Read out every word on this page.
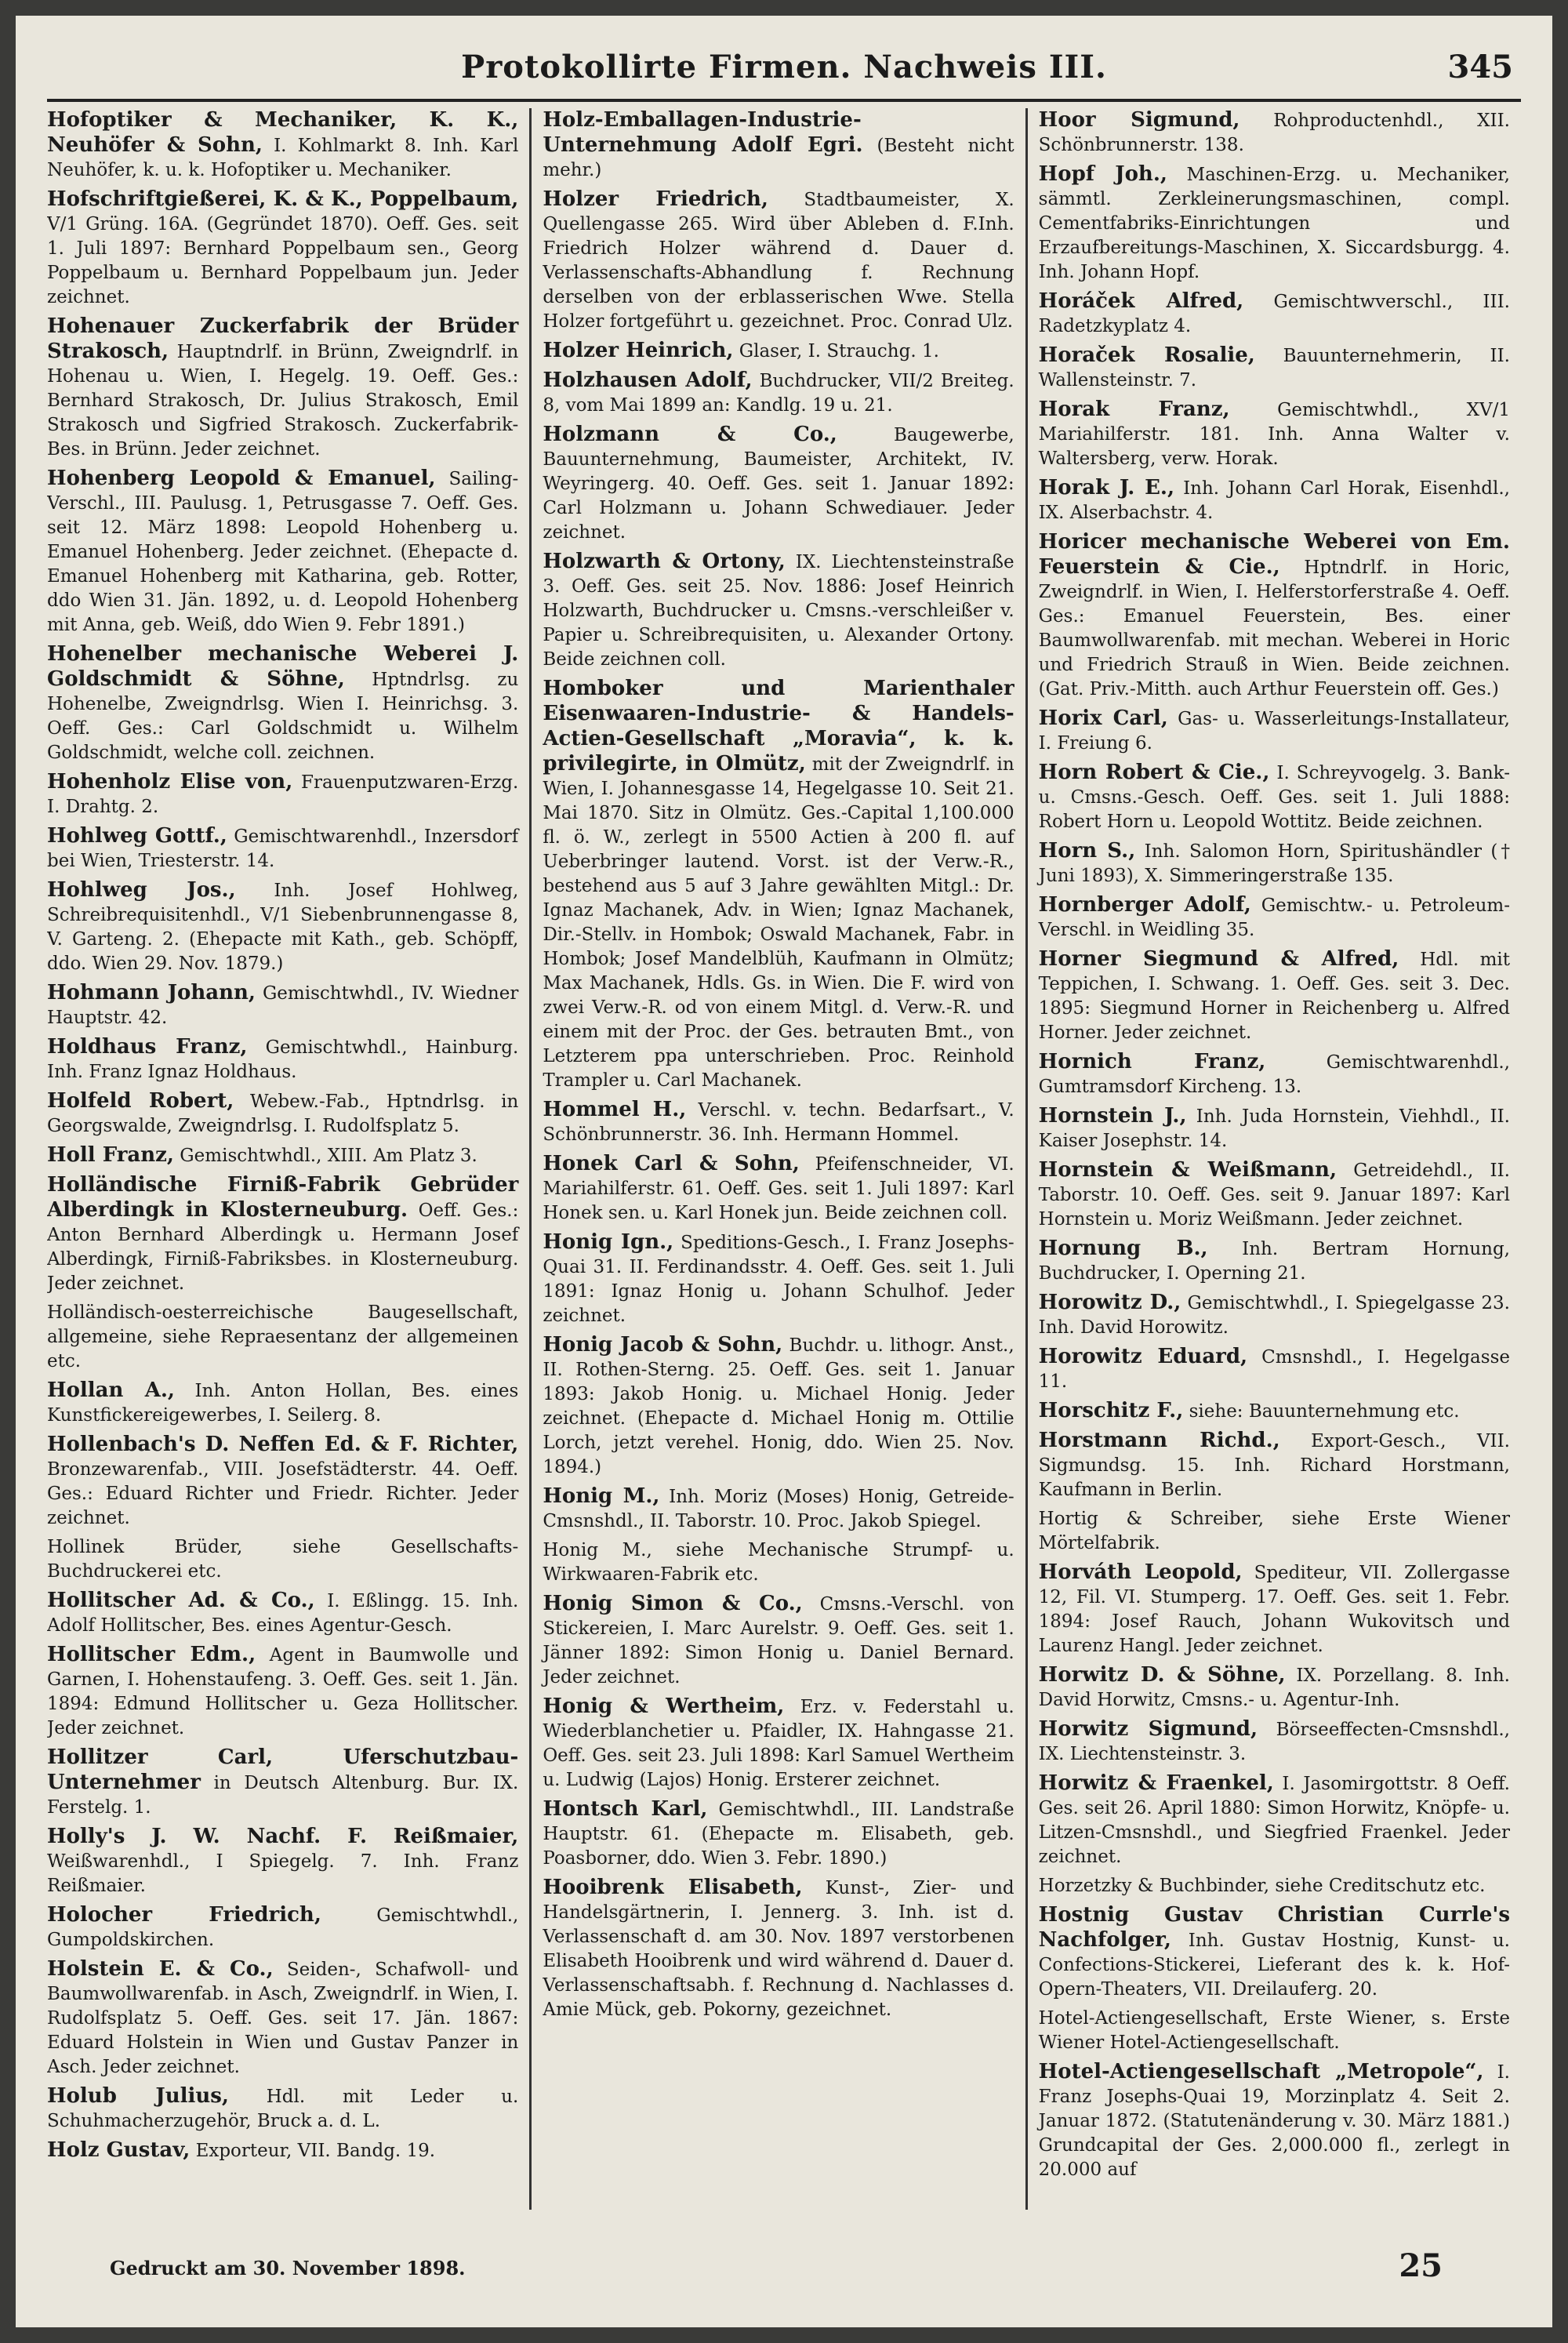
Protokollirte Firmen. Nachweis III.	345

Hofoptiker & Mechaniker, K. K., Neuhöfer & Sohn, I. Kohlmarkt 8. Inh. Karl Neuhöfer, k. u. k. Hofoptiker u. Mechaniker.

Hofschriftgießerei, K. & K., Poppelbaum, V/1 Grüng. 16A. (Gegründet 1870). Oeff. Ges. seit 1. Juli 1897: Bernhard Poppelbaum sen., Georg Poppelbaum u. Bernhard Poppelbaum jun. Jeder zeichnet.

Hohenauer Zuckerfabrik der Brüder Strakosch, Hauptndrlf. in Brünn, Zweigndrlf. in Hohenau u. Wien, I. Hegelg. 19. Oeff. Ges.: Bernhard Strakosch, Dr. Julius Strakosch, Emil Strakosch und Sigfried Strakosch. Zuckerfabrik-Bes. in Brünn. Jeder zeichnet.

Hohenberg Leopold & Emanuel, Sailing-Verschl., III. Paulusg. 1, Petrusgasse 7. Oeff. Ges. seit 12. März 1898: Leopold Hohenberg u. Emanuel Hohenberg. Jeder zeichnet. (Ehepacte d. Emanuel Hohenberg mit Katharina, geb. Rotter, ddo Wien 31. Jän. 1892, u. d. Leopold Hohenberg mit Anna, geb. Weiß, ddo Wien 9. Febr 1891.)

Hohenelber mechanische Weberei J. Goldschmidt & Söhne, Hptndrlsg. zu Hohenelbe, Zweigndrlsg. Wien I. Heinrichsg. 3. Oeff. Ges.: Carl Goldschmidt u. Wilhelm Goldschmidt, welche coll. zeichnen.

Hohenholz Elise von, Frauenputzwaren-Erzg. I. Drahtg. 2.

Hohlweg Gottf., Gemischtwarenhdl., Inzersdorf bei Wien, Triesterstr. 14.

Hohlweg Jos., Inh. Josef Hohlweg, Schreibrequisitenhdl., V/1 Siebenbrunnengasse 8, V. Garteng. 2. (Ehepacte mit Kath., geb. Schöpff, ddo. Wien 29. Nov. 1879.)

Hohmann Johann, Gemischtwhdl., IV. Wiedner Hauptstr. 42.

Holdhaus Franz, Gemischtwhdl., Hainburg. Inh. Franz Ignaz Holdhaus.

Holfeld Robert, Webew.-Fab., Hptndrlsg. in Georgswalde, Zweigndrlsg. I. Rudolfsplatz 5.

Holl Franz, Gemischtwhdl., XIII. Am Platz 3.

Holländische Firniß-Fabrik Gebrüder Alberdingk in Klosterneuburg. Oeff. Ges.: Anton Bernhard Alberdingk u. Hermann Josef Alberdingk, Firniß-Fabriksbes. in Klosterneuburg. Jeder zeichnet.

Holländisch-oesterreichische Baugesellschaft, allgemeine, siehe Repraesentanz der allgemeinen etc.

Hollan A., Inh. Anton Hollan, Bes. eines Kunstfickereigewerbes, I. Seilerg. 8.

Hollenbach's D. Neffen Ed. & F. Richter, Bronzewarenfab., VIII. Josefstädterstr. 44. Oeff. Ges.: Eduard Richter und Friedr. Richter. Jeder zeichnet.

Hollinek Brüder, siehe Gesellschafts-Buchdruckerei etc.

Hollitscher Ad. & Co., I. Eßlingg. 15. Inh. Adolf Hollitscher, Bes. eines Agentur-Gesch.

Hollitscher Edm., Agent in Baumwolle und Garnen, I. Hohenstaufeng. 3. Oeff. Ges. seit 1. Jän. 1894: Edmund Hollitscher u. Geza Hollitscher. Jeder zeichnet.

Hollitzer Carl, Uferschutzbau-Unternehmer in Deutsch Altenburg. Bur. IX. Ferstelg. 1.

Holly's J. W. Nachf. F. Reißmaier, Weißwarenhdl., I Spiegelg. 7. Inh. Franz Reißmaier.

Holocher Friedrich,	Gemischtwhdl., Gumpoldskirchen.

Holstein E. & Co., Seiden-, Schafwoll- und Baumwollwarenfab. in Asch, Zweigndrlf. in Wien, I. Rudolfsplatz 5. Oeff. Ges. seit 17. Jän. 1867: Eduard Holstein in Wien und Gustav Panzer in Asch. Jeder zeichnet.

Holub Julius, Hdl. mit Leder u. Schuhmacherzugehör, Bruck a. d. L.

Holz Gustav, Exporteur, VII. Bandg. 19.

Holz-Emballagen-Industrie-Unternehmung Adolf Egri. (Besteht nicht mehr.)

Holzer Friedrich, Stadtbaumeister, X. Quellengasse 265. Wird über Ableben d. F.Inh. Friedrich Holzer während d. Dauer d. Verlassenschafts-Abhandlung f. Rechnung derselben von der erblasserischen Wwe. Stella Holzer fortgeführt u. gezeichnet. Proc. Conrad Ulz.

Holzer Heinrich, Glaser, I. Strauchg. 1.

Holzhausen Adolf, Buchdrucker, VII/2 Breiteg. 8, vom Mai 1899 an: Kandlg. 19 u. 21.

Holzmann & Co.,	Baugewerbe, Bauunternehmung, Baumeister, Architekt, IV. Weyringerg. 40. Oeff. Ges. seit 1. Januar 1892: Carl Holzmann u. Johann Schwediauer. Jeder zeichnet.

Holzwarth & Ortony, IX. Liechtensteinstraße 3. Oeff. Ges. seit 25. Nov. 1886: Josef Heinrich Holzwarth, Buchdrucker u. Cmsns.-verschleißer v. Papier u. Schreibrequisiten, u. Alexander Ortony. Beide zeichnen coll.

Homboker und Marienthaler Eisenwaaren-Industrie- & Handels-Actien-Gesellschaft „Moravia“, k. k. privilegirte, in Olmütz, mit der Zweigndrlf. in Wien, I. Johannesgasse 14, Hegelgasse 10. Seit 21. Mai 1870. Sitz in Olmütz. Ges.-Capital 1,100.000 fl. ö. W., zerlegt in 5500 Actien à 200 fl. auf Ueberbringer lautend. Vorst. ist der Verw.-R., bestehend aus 5 auf 3 Jahre gewählten Mitgl.: Dr. Ignaz Machanek, Adv. in Wien; Ignaz Machanek, Dir.-Stellv. in Hombok; Oswald Machanek, Fabr. in Hombok; Josef Mandelblüh, Kaufmann in Olmütz; Max Machanek, Hdls. Gs. in Wien. Die F. wird von zwei Verw.-R. od von einem Mitgl. d. Verw.-R. und einem mit der Proc. der Ges. betrauten Bmt., von Letzterem ppa unterschrieben. Proc. Reinhold Trampler u. Carl Machanek.

Hommel H., Verschl. v. techn. Bedarfsart., V. Schönbrunnerstr. 36. Inh. Hermann Hommel.

Honek Carl & Sohn, Pfeifenschneider, VI. Mariahilferstr. 61. Oeff. Ges. seit 1. Juli 1897: Karl Honek sen. u. Karl Honek jun. Beide zeichnen coll.

Honig Ign., Speditions-Gesch., I. Franz Josephs-Quai 31. II. Ferdinandsstr. 4. Oeff. Ges. seit 1. Juli 1891: Ignaz Honig u. Johann Schulhof. Jeder zeichnet.

Honig Jacob & Sohn, Buchdr. u. lithogr. Anst., II. Rothen-Sterng. 25. Oeff. Ges. seit 1. Januar 1893: Jakob Honig. u. Michael Honig. Jeder zeichnet. (Ehepacte d. Michael Honig m. Ottilie Lorch, jetzt verehel. Honig, ddo. Wien 25. Nov. 1894.)

Honig M., Inh. Moriz (Moses) Honig, Getreide-Cmsnshdl., II. Taborstr. 10. Proc. Jakob Spiegel.

Honig M., siehe Mechanische Strumpf- u. Wirkwaaren-Fabrik etc.

Honig Simon & Co., Cmsns.-Verschl. von Stickereien, I. Marc Aurelstr. 9. Oeff. Ges. seit 1. Jänner 1892: Simon Honig u. Daniel Bernard. Jeder zeichnet.

Honig & Wertheim, Erz. v. Federstahl u. Wiederblanchetier u. Pfaidler, IX. Hahngasse 21. Oeff. Ges. seit 23. Juli 1898: Karl Samuel Wertheim u. Ludwig (Lajos) Honig. Ersterer zeichnet.

Hontsch Karl, Gemischtwhdl., III. Landstraße Hauptstr. 61. (Ehepacte m. Elisabeth, geb. Poasborner, ddo. Wien 3. Febr. 1890.)

Hooibrenk Elisabeth, Kunst-, Zier- und Handelsgärtnerin, I. Jennerg. 3. Inh. ist d. Verlassenschaft d. am 30. Nov. 1897 verstorbenen Elisabeth Hooibrenk und wird während d. Dauer d. Verlassenschaftsabh. f. Rechnung d. Nachlasses d. Amie Mück, geb. Pokorny, gezeichnet.

Hoor Sigmund, Rohproductenhdl., XII. Schönbrunnerstr. 138.

Hopf Joh., Maschinen-Erzg. u. Mechaniker, sämmtl. Zerkleinerungsmaschinen, compl. Cementfabriks-Einrichtungen und Erzaufbereitungs-Maschinen, X. Siccardsburgg. 4. Inh. Johann Hopf.

Horáček Alfred, Gemischtwverschl., III. Radetzkyplatz 4.

Horaček Rosalie, Bauunternehmerin, II. Wallensteinstr. 7.

Horak Franz,	Gemischtwhdl., XV/1 Mariahilferstr. 181. Inh. Anna Walter v. Waltersberg, verw. Horak.

Horak J. E., Inh. Johann Carl Horak, Eisenhdl., IX. Alserbachstr. 4.

Horicer mechanische Weberei von Em. Feuerstein & Cie., Hptndrlf. in Horic, Zweigndrlf. in Wien, I. Helferstorferstraße 4. Oeff. Ges.: Emanuel Feuerstein, Bes. einer Baumwollwarenfab. mit mechan. Weberei in Horic und Friedrich Strauß in Wien. Beide zeichnen. (Gat. Priv.-Mitth. auch Arthur Feuerstein off. Ges.)

Horix Carl, Gas- u. Wasserleitungs-Installateur, I. Freiung 6.

Horn Robert & Cie., I. Schreyvogelg. 3. Bank- u. Cmsns.-Gesch. Oeff. Ges. seit 1. Juli 1888: Robert Horn u. Leopold Wottitz. Beide zeichnen.

Horn S., Inh. Salomon Horn, Spiritushändler († Juni 1893), X. Simmeringerstraße 135.

Hornberger Adolf, Gemischtw.- u. Petroleum-Verschl. in Weidling 35.

Horner Siegmund & Alfred, Hdl. mit Teppichen, I. Schwang. 1. Oeff. Ges. seit 3. Dec. 1895: Siegmund Horner in Reichenberg u. Alfred Horner. Jeder zeichnet.

Hornich Franz,	Gemischtwarenhdl., Gumtramsdorf Kircheng. 13.

Hornstein J., Inh. Juda Hornstein, Viehhdl., II. Kaiser Josephstr. 14.

Hornstein & Weißmann, Getreidehdl., II. Taborstr. 10. Oeff. Ges. seit 9. Januar 1897: Karl Hornstein u. Moriz Weißmann. Jeder zeichnet.

Hornung B., Inh. Bertram Hornung, Buchdrucker, I. Operning 21.

Horowitz D., Gemischtwhdl., I. Spiegelgasse 23. Inh. David Horowitz.

Horowitz Eduard, Cmsnshdl., I. Hegelgasse 11.

Horschitz F., siehe: Bauunternehmung etc.

Horstmann Richd., Export-Gesch., VII. Sigmundsg. 15. Inh. Richard Horstmann, Kaufmann in Berlin.

Hortig & Schreiber, siehe Erste Wiener Mörtelfabrik.

Horváth Leopold, Spediteur, VII. Zollergasse 12, Fil. VI. Stumperg. 17. Oeff. Ges. seit 1. Febr. 1894: Josef Rauch, Johann Wukovitsch und Laurenz Hangl. Jeder zeichnet.

Horwitz D. & Söhne, IX. Porzellang. 8. Inh. David Horwitz, Cmsns.- u. Agentur-Inh.

Horwitz Sigmund, Börseeffecten-Cmsnshdl., IX. Liechtensteinstr. 3.

Horwitz & Fraenkel, I. Jasomirgottstr. 8 Oeff. Ges. seit 26. April 1880: Simon Horwitz, Knöpfe- u. Litzen-Cmsnshdl., und Siegfried Fraenkel. Jeder zeichnet.

Horzetzky & Buchbinder, siehe Creditschutz etc.

Hostnig Gustav Christian Currle's Nachfolger, Inh. Gustav Hostnig, Kunst- u. Confections-Stickerei, Lieferant des k. k. Hof-Opern-Theaters, VII. Dreilauferg. 20.

Hotel-Actiengesellschaft, Erste Wiener, s. Erste Wiener Hotel-Actiengesellschaft.

Hotel-Actiengesellschaft „Metropole“, I. Franz Josephs-Quai 19, Morzinplatz 4. Seit 2. Januar 1872. (Statutenänderung v. 30. März 1881.) Grundcapital der Ges. 2,000.000 fl., zerlegt in 20.000 auf

Gedruckt am 30. November 1898.	25
